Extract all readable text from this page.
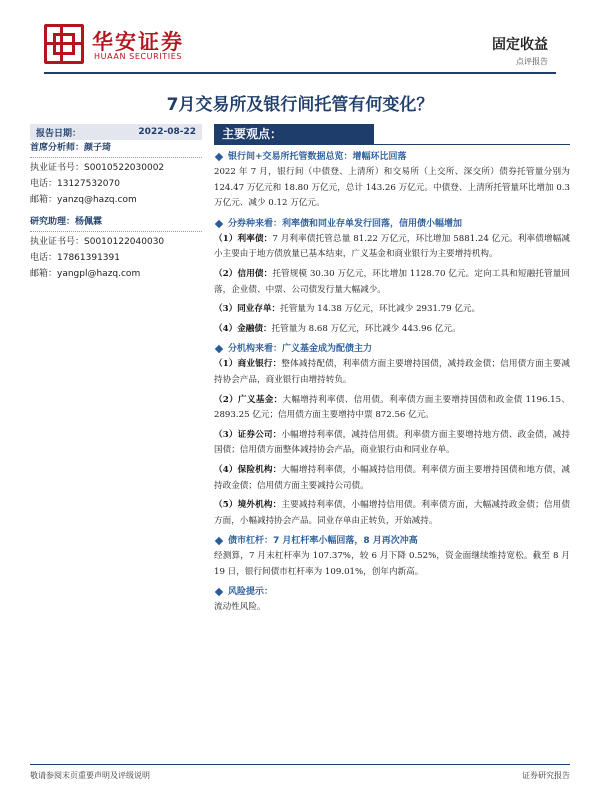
华安证券
HUAAN SECURITIES
固定收益
点评报告
7月交易所及银行间托管有何变化？
报告日期：	2022-08-22
首席分析师：颜子琦
执业证书号：S0010522030002
电话：13127532070
邮箱：yanzq@hazq.com
研究助理：杨佩霖
执业证书号：S0010122040030
电话：17861391391
邮箱：yangpl@hazq.com
主要观点：
银行间+交易所托管数据总览：增幅环比回落
2022 年 7 月，银行间（中债登、上清所）和交易所（上交所、深交所）债券托管量分别为 124.47 万亿元和 18.80 万亿元，总计 143.26 万亿元。中债登、上清所托管量环比增加 0.3 万亿元、减少 0.12 万亿元。
分券种来看：利率债和同业存单发行回落，信用债小幅增加
（1）利率债：7 月利率债托管总量 81.22 万亿元，环比增加 5881.24 亿元。利率债增幅减小主要由于地方债放量已基本结束，广义基金和商业银行为主要增持机构。
（2）信用债：托管规模 30.30 万亿元，环比增加 1128.70 亿元。定向工具和短融托管量回落，企业债、中票、公司债发行量大幅减少。
（3）同业存单：托管量为 14.38 万亿元，环比减少 2931.79 亿元。
（4）金融债：托管量为 8.68 万亿元，环比减少 443.96 亿元。
分机构来看：广义基金成为配债主力
（1）商业银行：整体减持配债，利率债方面主要增持国债，减持政金债；信用债方面主要减持协会产品，商业银行由增持转负。
（2）广义基金：大幅增持利率债、信用债。利率债方面主要增持国债和政金债 1196.15、2893.25 亿元；信用债方面主要增持中票 872.56 亿元。
（3）证券公司：小幅增持利率债，减持信用债。利率债方面主要增持地方债、政金债，减持国债；信用债方面整体减持协会产品，商业银行由和同业存单。
（4）保险机构：大幅增持利率债，小幅减持信用债。利率债方面主要增持国债和地方债，减持政金债；信用债方面主要减持公司债。
（5）境外机构：主要减持利率债，小幅增持信用债。利率债方面，大幅减持政金债；信用债方面，小幅减持协会产品。同业存单由正转负，开始减持。
债市杠杆：7 月杠杆率小幅回落，8 月再次冲高
经测算，7 月末杠杆率为 107.37%，较 6 月下降 0.52%，资金面继续维持宽松。截至 8 月 19 日，银行间债市杠杆率为 109.01%，创年内新高。
风险提示：
流动性风险。
敬请参阅末页重要声明及评级说明	证券研究报告
